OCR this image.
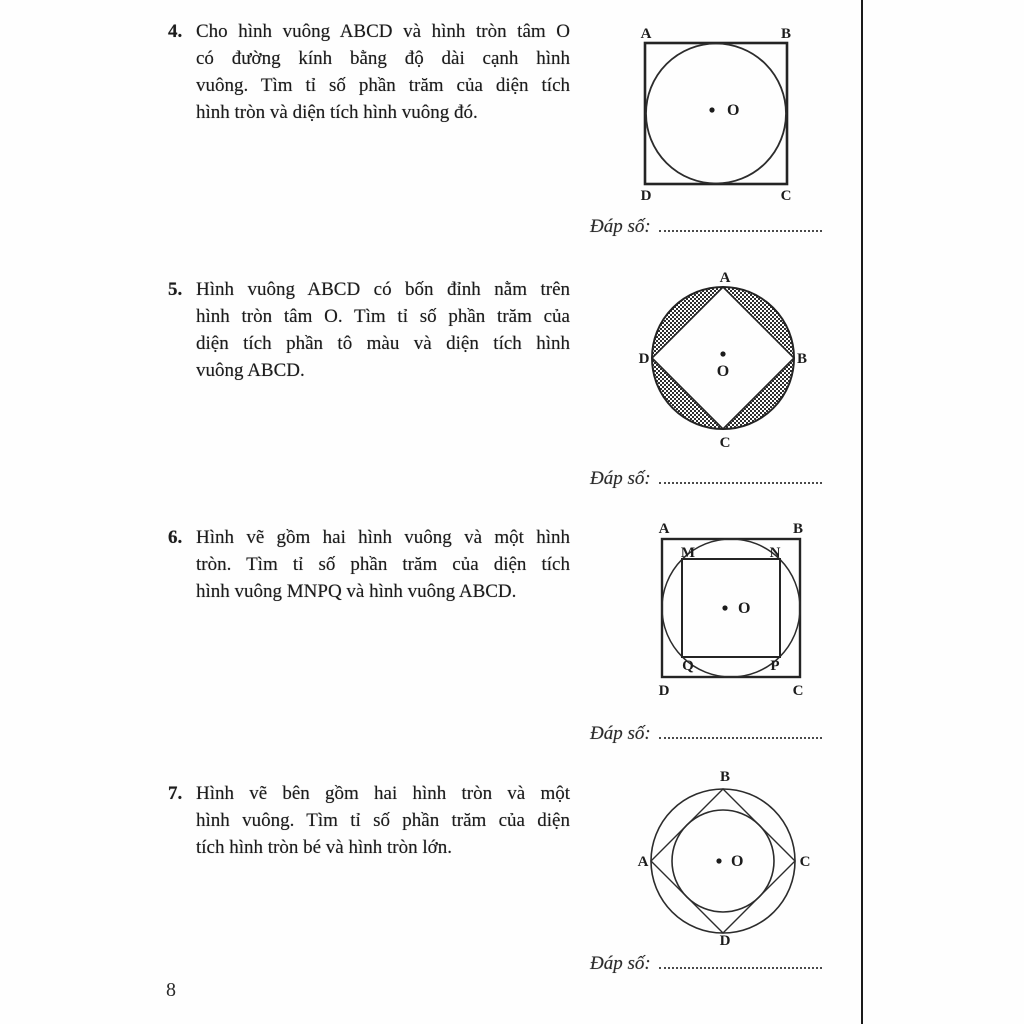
4. Cho hình vuông ABCD và hình tròn tâm O
có đường kính bằng độ dài cạnh hình
vuông. Tìm tỉ số phần trăm của diện tích
hình tròn và diện tích hình vuông đó.
A	B
O
D	C
Đáp số:
5. Hình vuông ABCD có bốn đỉnh nằm trên
hình tròn tâm O. Tìm tỉ số phần trăm của
diện tích phần tô màu và diện tích hình
vuông ABCD.
A
B
D
O
C
Đáp số:
6. Hình vẽ gồm hai hình vuông và một hình
tròn. Tìm tỉ số phần trăm của diện tích
hình vuông MNPQ và hình vuông ABCD.
A	B
M	N
O
Q	P
D	C
Đáp số:
7. Hình vẽ bên gồm hai hình tròn và một
hình vuông. Tìm tỉ số phần trăm của diện
tích hình tròn bé và hình tròn lớn.
B
A	C
O
D
Đáp số:
8
